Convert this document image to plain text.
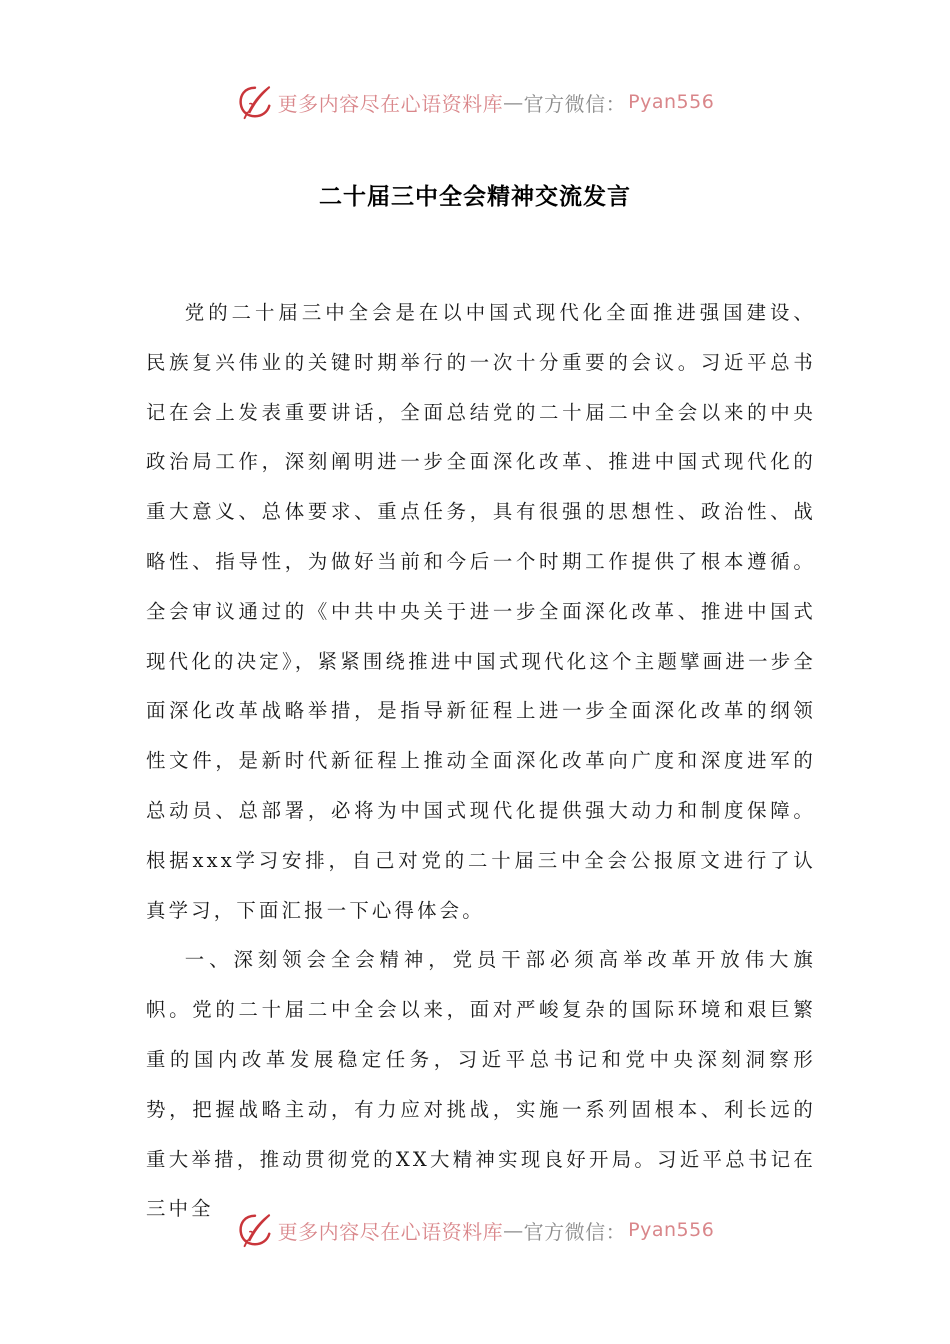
更多内容尽在心语资料库 — 官方微信： Pyan556
二十届三中全会精神交流发言

党的二十届三中全会是在以中国式现代化全面推进强国建设、民族复兴伟业的关键时期举行的一次十分重要的会议。习近平总书记在会上发表重要讲话，全面总结党的二十届二中全会以来的中央政治局工作，深刻阐明进一步全面深化改革、推进中国式现代化的重大意义、总体要求、重点任务，具有很强的思想性、政治性、战略性、指导性，为做好当前和今后一个时期工作提供了根本遵循。全会审议通过的《中共中央关于进一步全面深化改革、推进中国式现代化的决定》，紧紧围绕推进中国式现代化这个主题擘画进一步全面深化改革战略举措，是指导新征程上进一步全面深化改革的纲领性文件，是新时代新征程上推动全面深化改革向广度和深度进军的总动员、总部署，必将为中国式现代化提供强大动力和制度保障。根据xxx学习安排，自己对党的二十届三中全会公报原文进行了认真学习，下面汇报一下心得体会。

一、深刻领会全会精神，党员干部必须高举改革开放伟大旗帜。党的二十届二中全会以来，面对严峻复杂的国际环境和艰巨繁重的国内改革发展稳定任务，习近平总书记和党中央深刻洞察形势，把握战略主动，有力应对挑战，实施一系列固根本、利长远的重大举措，推动贯彻党的XX大精神实现良好开局。习近平总书记在三中全

更多内容尽在心语资料库 — 官方微信： Pyan556
